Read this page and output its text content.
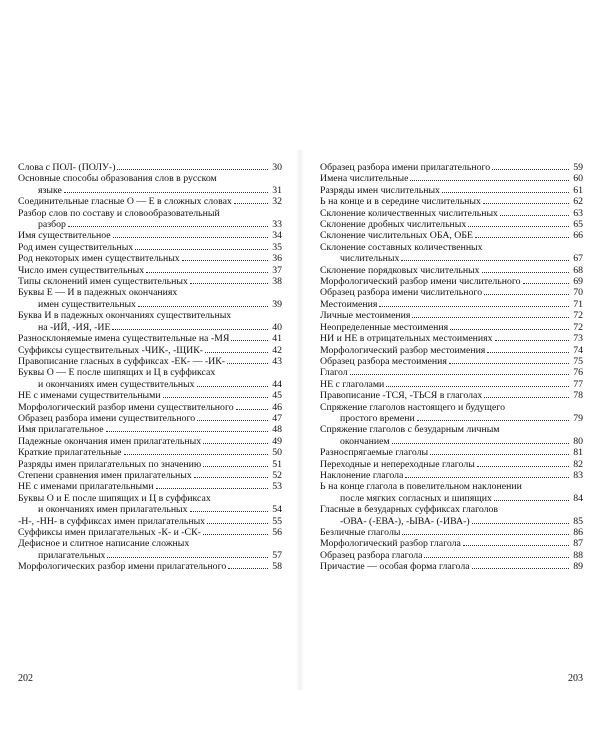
Слова с ПОЛ- (ПОЛУ-)	30
Основные способы образования слов в русском
языке	31
Соединительные гласные О — Е в сложных словах	32
Разбор слов по составу и словообразовательный
разбор	33
Имя существительное	34
Род имен существительных	35
Род некоторых имен существительных	36
Число имен существительных	37
Типы склонений имен существительных	38
Буквы Е — И в падежных окончаниях
имен существительных	39
Буква И в падежных окончаниях существительных
на -ИЙ, -ИЯ, -ИЕ	40
Разносклоняемые имена существительные на -МЯ	41
Суффиксы существительных -ЧИК-, -ЩИК-	42
Правописание гласных в суффиксах -ЕК- — -ИК-	43
Буквы О — Е после шипящих и Ц в суффиксах
и окончаниях имен существительных	44
НЕ с именами существительными	45
Морфологический разбор имени существительного	46
Образец разбора имени существительного	47
Имя прилагательное	48
Падежные окончания имен прилагательных	49
Краткие прилагательные	50
Разряды имен прилагательных по значению	51
Степени сравнения имен прилагательных	52
НЕ с именами прилагательными	53
Буквы О и Е после шипящих и Ц в суффиксах
и окончаниях имен прилагательных	54
-Н-, -НН- в суффиксах имен прилагательных	55
Суффиксы имен прилагательных -К- и -СК-	56
Дефисное и слитное написание сложных
прилагательных	57
Морфологических разбор имени прилагательного	58
Образец разбора имени прилагательного	59
Имена числительные	60
Разряды имен числительных	61
Ь на конце и в середине числительных	62
Склонение количественных числительных	63
Склонение дробных числительных	65
Склонение числительных ОБА, ОБЕ	66
Склонение составных количественных
числительных	67
Склонение порядковых числительных	68
Морфологический разбор имени числительного	69
Образец разбора имени числительного	70
Местоимения	71
Личные местоимения	72
Неопределенные местоимения	72
НИ и НЕ в отрицательных местоимениях	73
Морфологический разбор местоимения	74
Образец разбора местоимения	75
Глагол	76
НЕ с глаголами	77
Правописание -ТСЯ, -ТЬСЯ в глаголах	78
Спряжение глаголов настоящего и будущего
простого времени	79
Спряжение глаголов с безударным личным
окончанием	80
Разноспрягаемые глаголы	81
Переходные и непереходные глаголы	82
Наклонение глагола	83
Ь на конце глагола в повелительном наклонении
после мягких согласных и шипящих	84
Гласные в безударных суффиксах глаголов
-ОВА- (-ЕВА-), -ЫВА- (-ИВА-)	85
Безличные глаголы	86
Морфологический разбор глагола	87
Образец разбора глагола	88
Причастие — особая форма глагола	89
202	203
